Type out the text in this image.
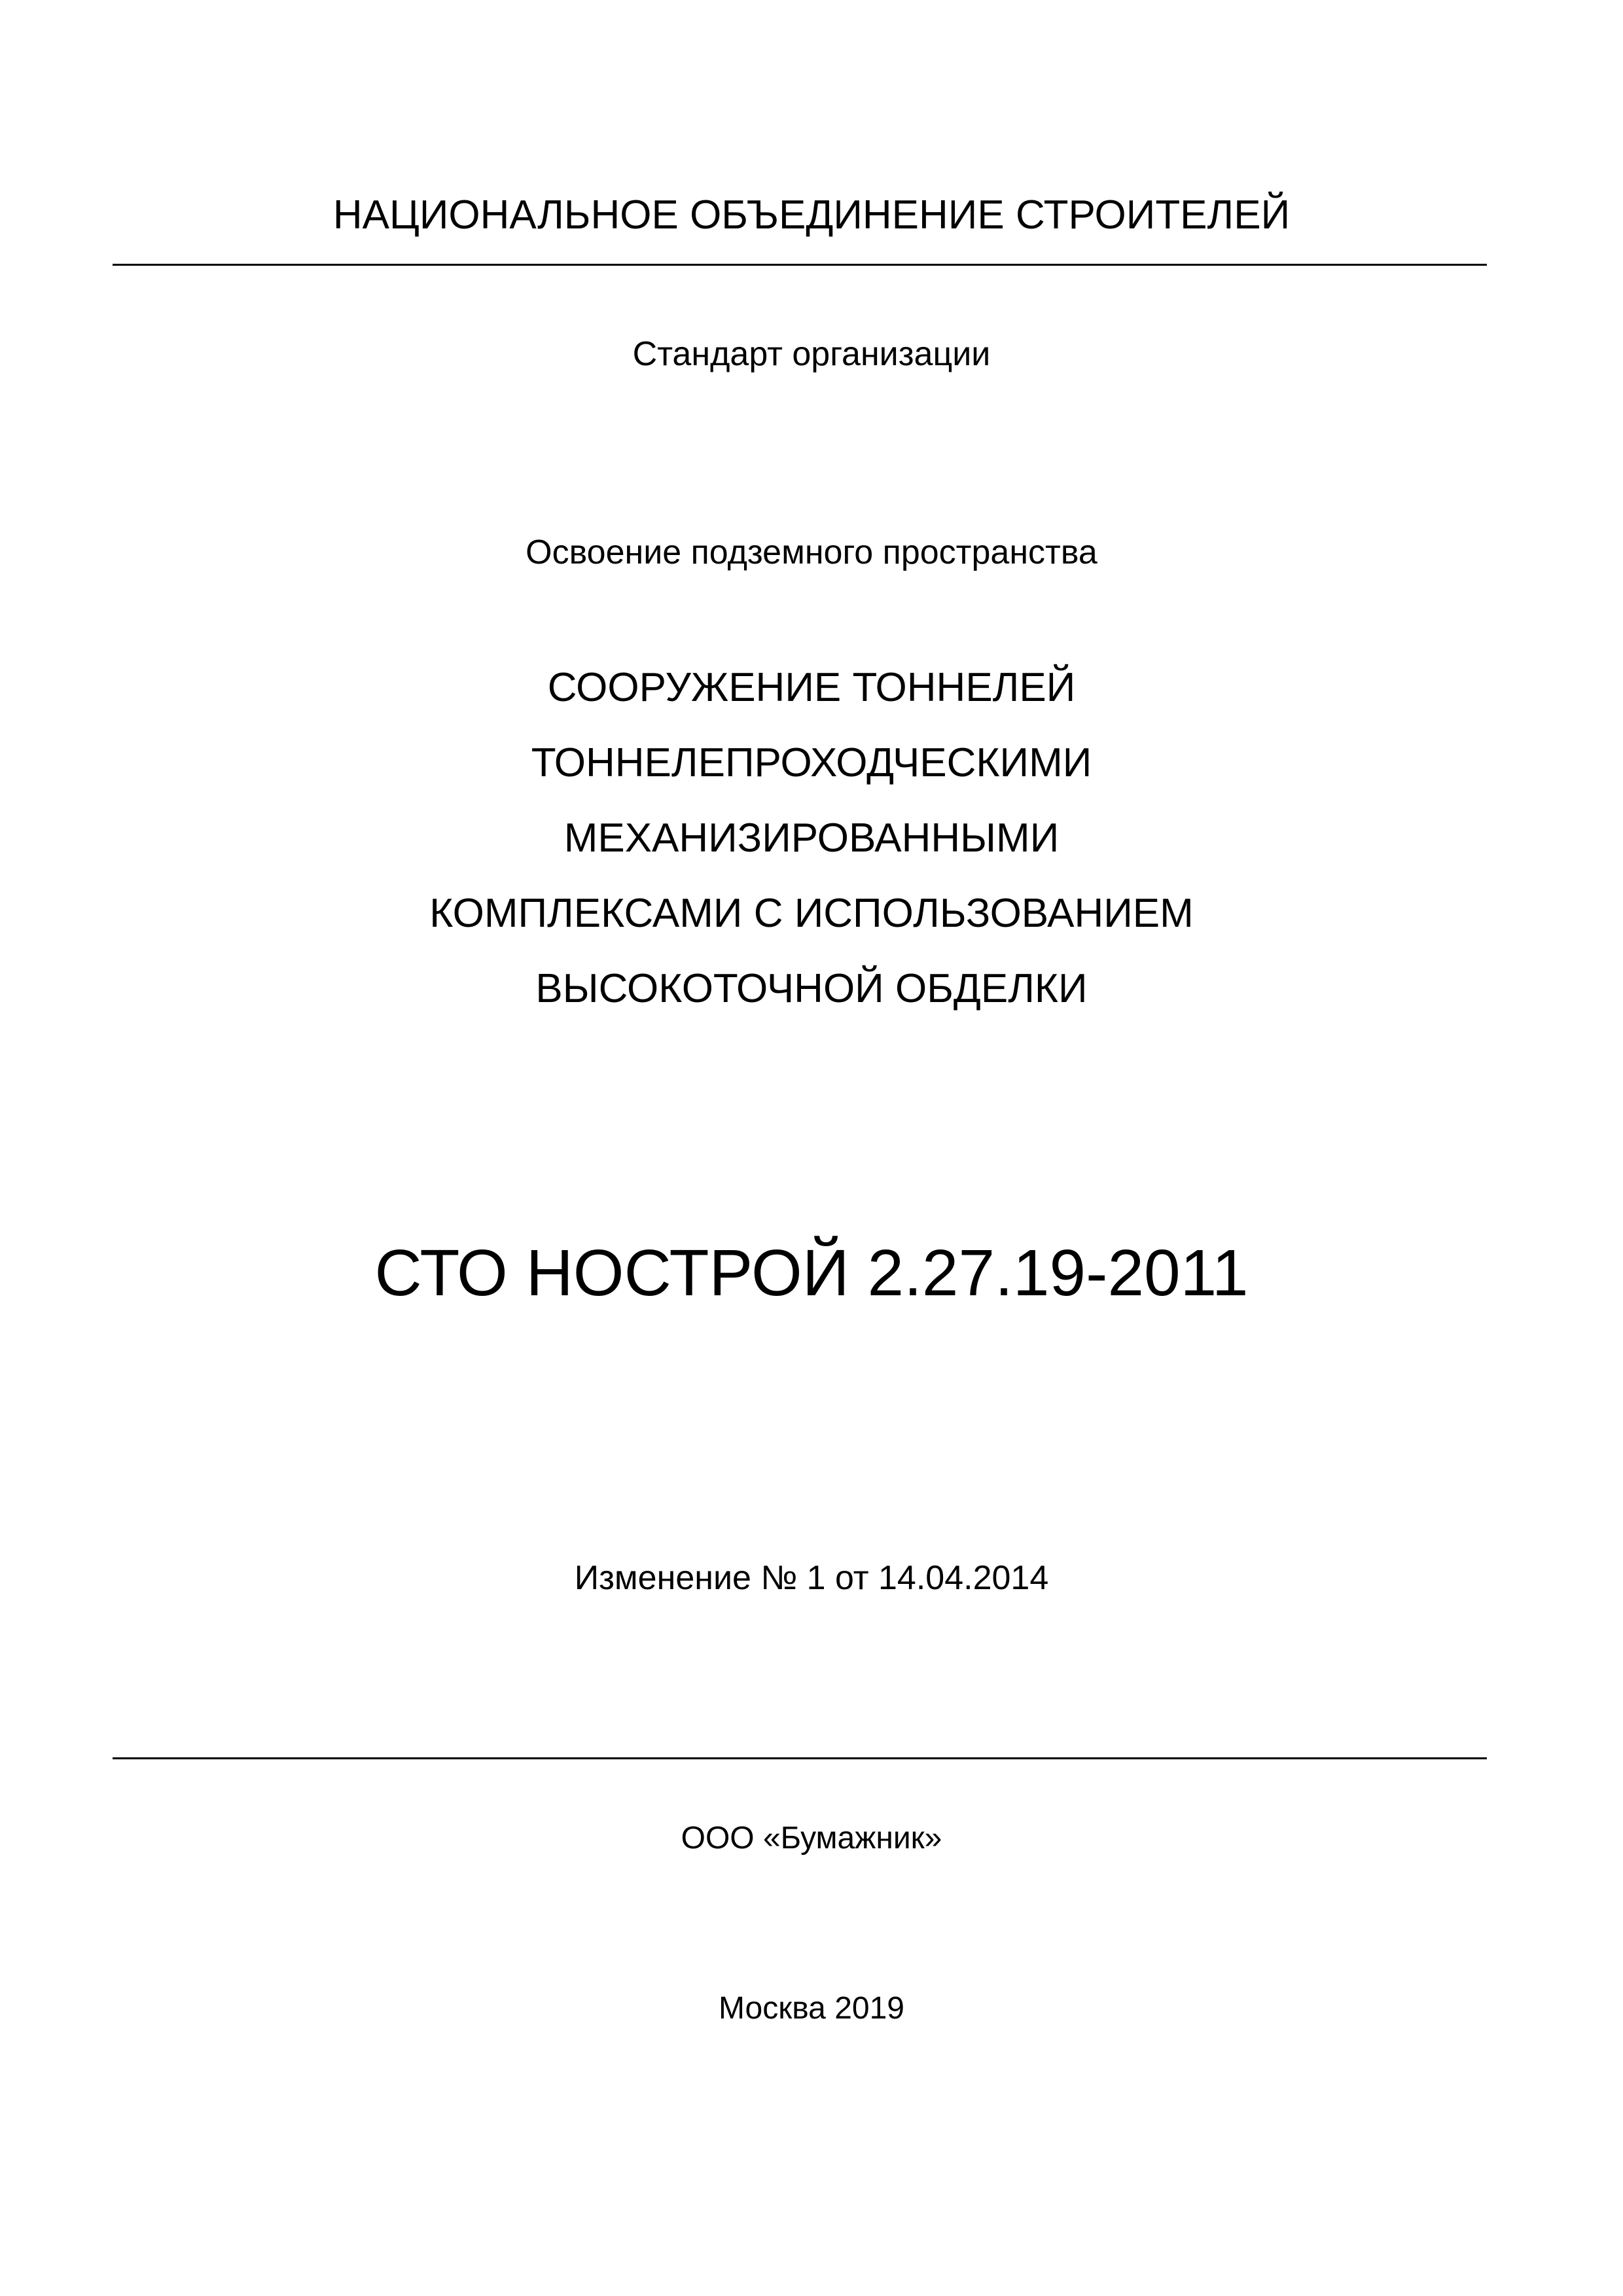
НАЦИОНАЛЬНОЕ ОБЪЕДИНЕНИЕ СТРОИТЕЛЕЙ
Стандарт организации
Освоение подземного пространства
СООРУЖЕНИЕ ТОННЕЛЕЙ
ТОННЕЛЕПРОХОДЧЕСКИМИ
МЕХАНИЗИРОВАННЫМИ
КОМПЛЕКСАМИ С ИСПОЛЬЗОВАНИЕМ
ВЫСОКОТОЧНОЙ ОБДЕЛКИ
СТО НОСТРОЙ 2.27.19-2011
Изменение № 1 от 14.04.2014
ООО «Бумажник»
Москва 2019
